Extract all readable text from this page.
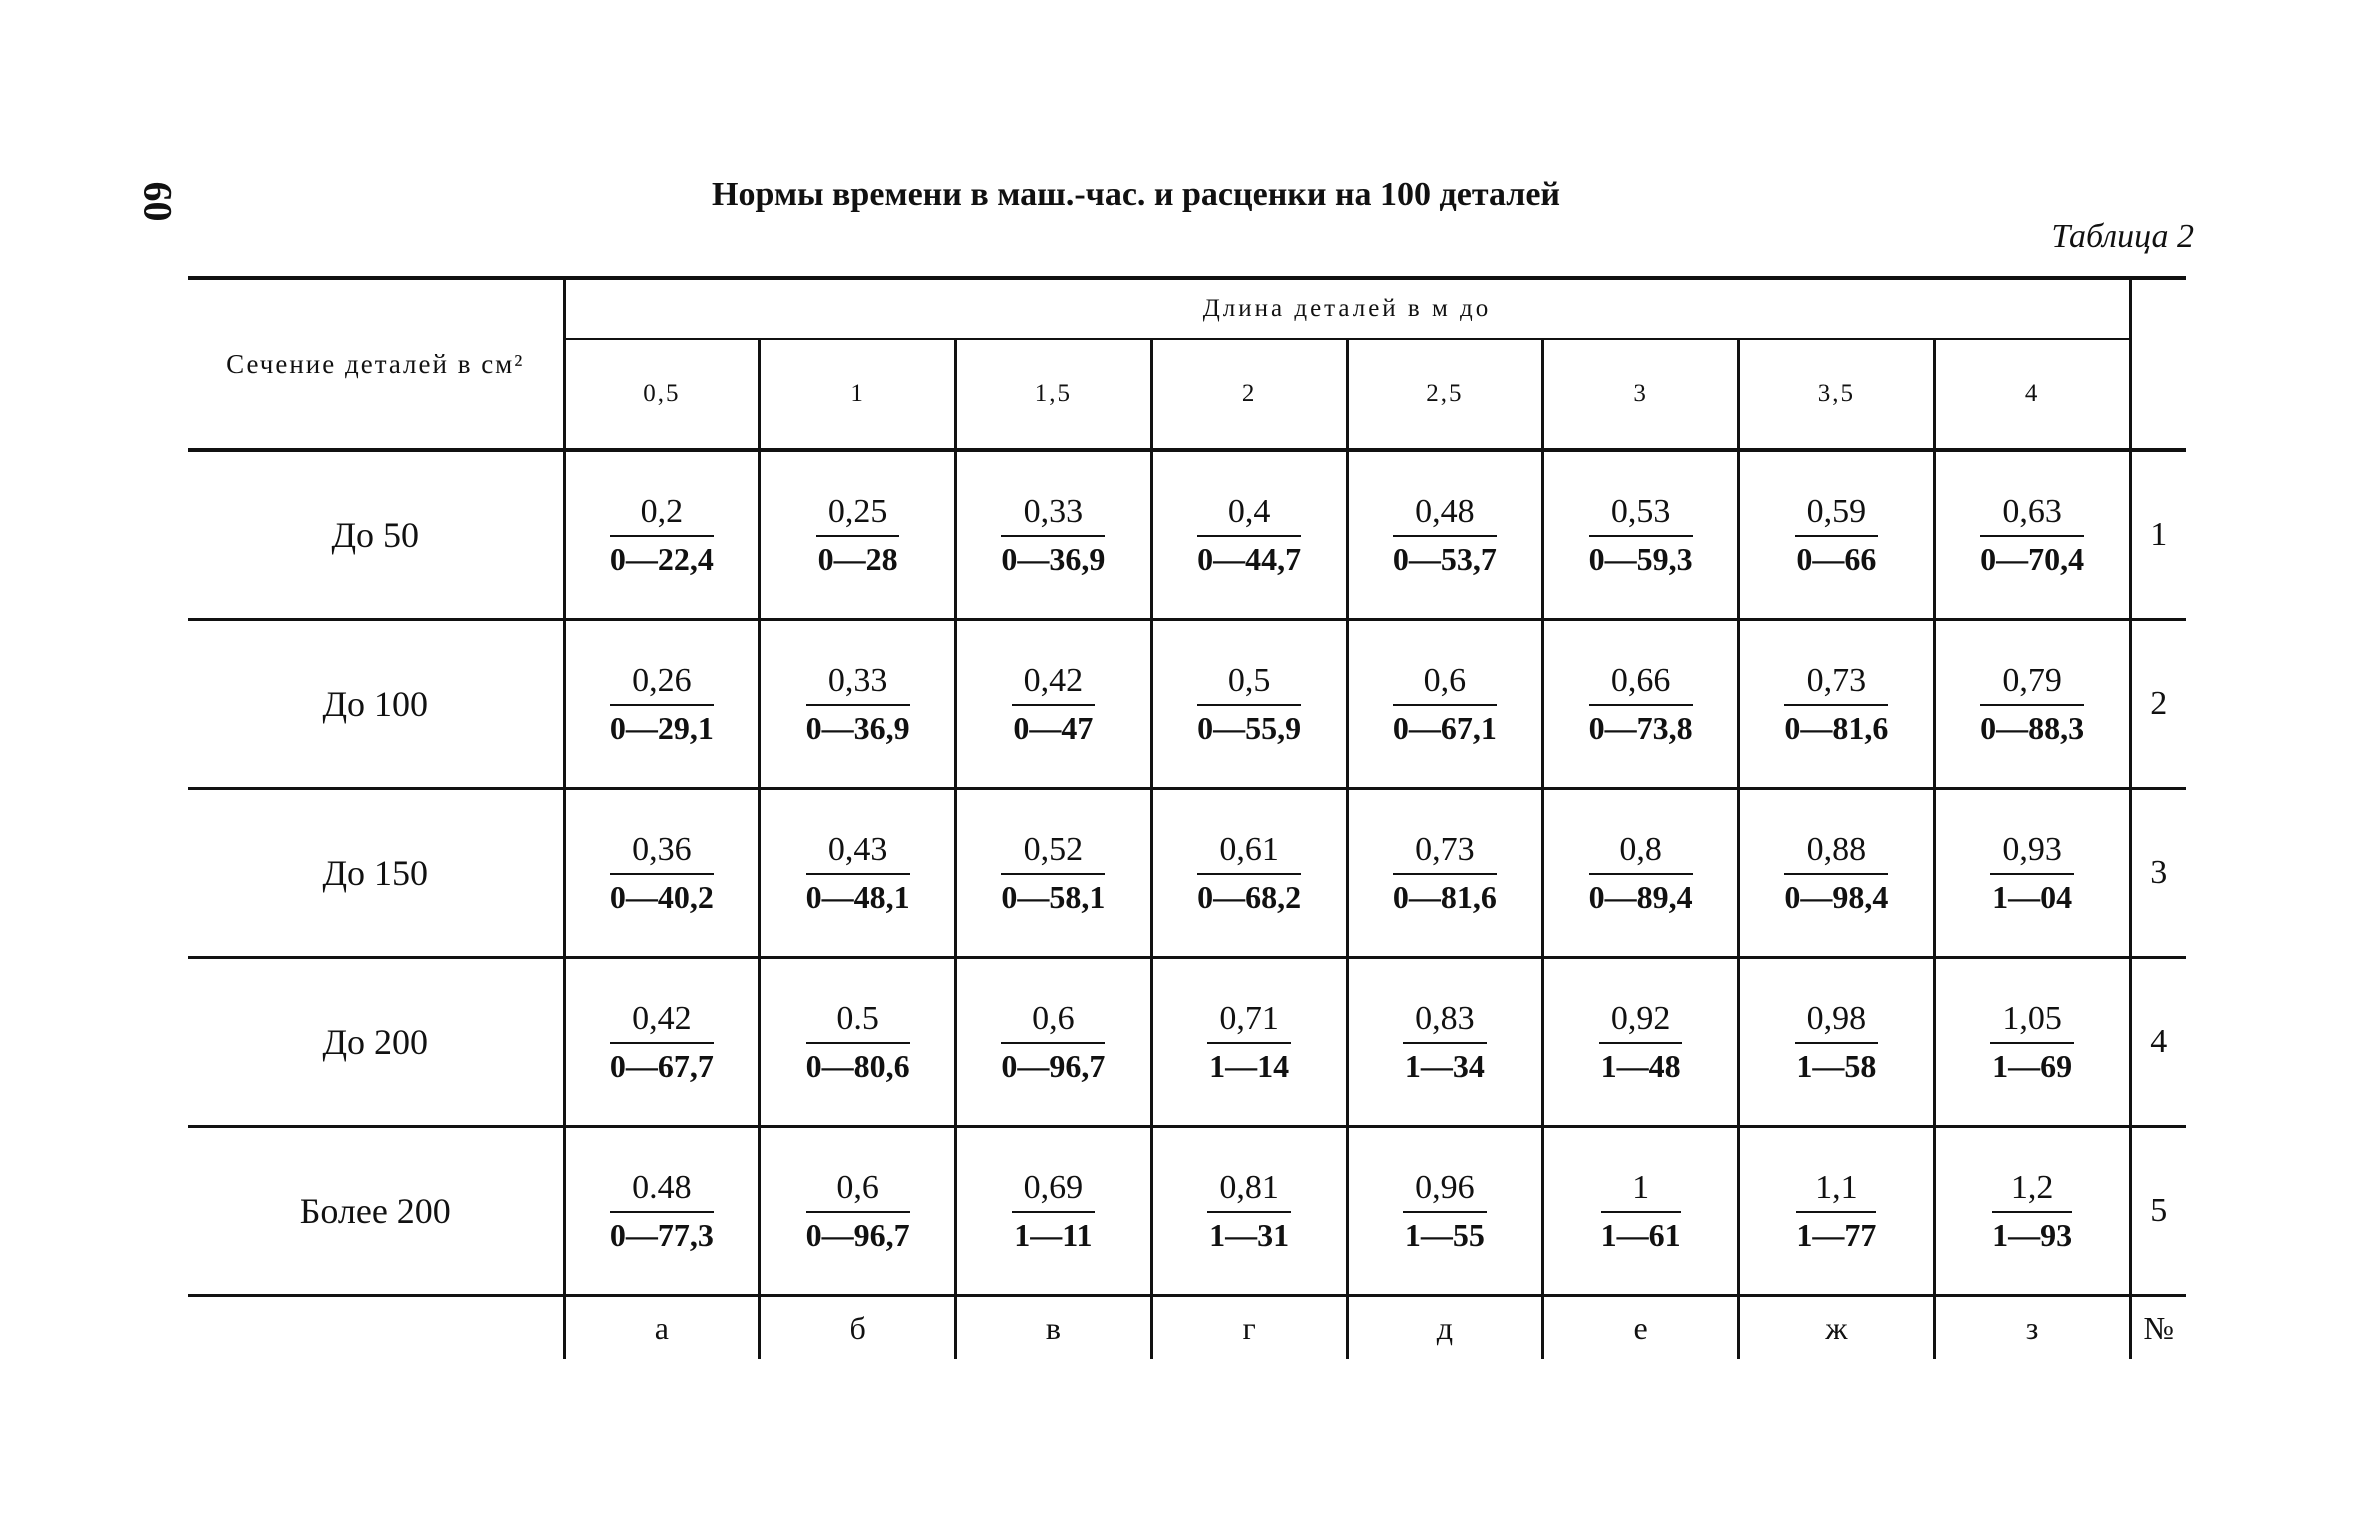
60	Нормы времени в маш.-час. и расценки на 100 деталей
Таблица 2
Сечение деталей в см²	Длина деталей в м до								
	0,5	1	1,5	2	2,5	3	3,5	4	
До 50	$\frac{0,2}{0—22,4}$	$\frac{0,25}{0—28}$	$\frac{0,33}{0—36,9}$	$\frac{0,4}{0—44,7}$	$\frac{0,48}{0—53,7}$	$\frac{0,53}{0—59,3}$	$\frac{0,59}{0—66}$	$\frac{0,63}{0—70,4}$	1
До 100	$\frac{0,26}{0—29,1}$	$\frac{0,33}{0—36,9}$	$\frac{0,42}{0—47}$	$\frac{0,5}{0—55,9}$	$\frac{0,6}{0—67,1}$	$\frac{0,66}{0—73,8}$	$\frac{0,73}{0—81,6}$	$\frac{0,79}{0—88,3}$	2
До 150	$\frac{0,36}{0—40,2}$	$\frac{0,43}{0—48,1}$	$\frac{0,52}{0—58,1}$	$\frac{0,61}{0—68,2}$	$\frac{0,73}{0—81,6}$	$\frac{0,8}{0—89,4}$	$\frac{0,88}{0—98,4}$	$\frac{0,93}{1—04}$	3
До 200	$\frac{0,42}{0—67,7}$	$\frac{0.5}{0—80,6}$	$\frac{0,6}{0—96,7}$	$\frac{0,71}{1—14}$	$\frac{0,83}{1—34}$	$\frac{0,92}{1—48}$	$\frac{0,98}{1—58}$	$\frac{1,05}{1—69}$	4
Более 200	$\frac{0.48}{0—77,3}$	$\frac{0,6}{0—96,7}$	$\frac{0,69}{1—11}$	$\frac{0,81}{1—31}$	$\frac{0,96}{1—55}$	$\frac{1}{1—61}$	$\frac{1,1}{1—77}$	$\frac{1,2}{1—93}$	5
	а	б	в	г	д	е	ж	з	№
